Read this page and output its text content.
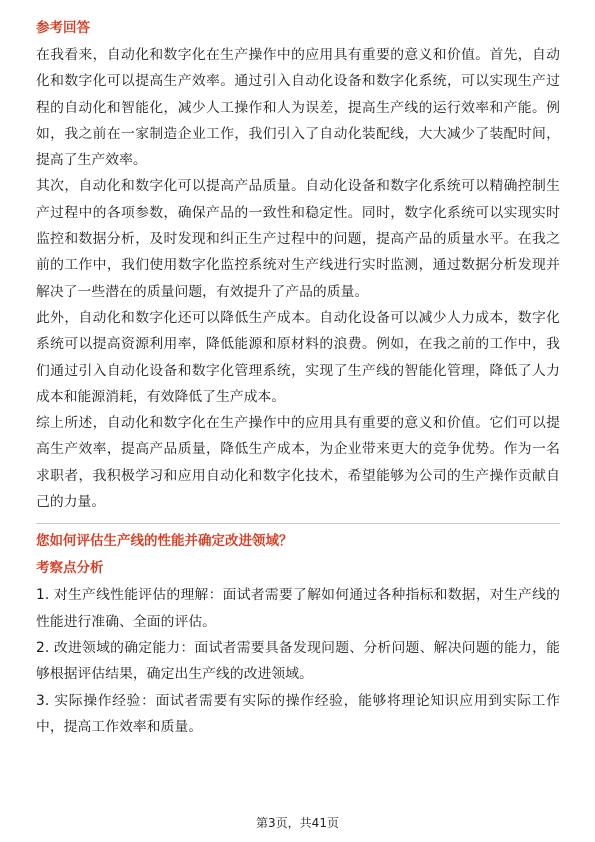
参考回答

在我看来，自动化和数字化在生产操作中的应用具有重要的意义和价值。首先，自动化和数字化可以提高生产效率。通过引入自动化设备和数字化系统，可以实现生产过程的自动化和智能化，减少人工操作和人为误差，提高生产线的运行效率和产能。例如，我之前在一家制造企业工作，我们引入了自动化装配线，大大减少了装配时间，提高了生产效率。

其次，自动化和数字化可以提高产品质量。自动化设备和数字化系统可以精确控制生产过程中的各项参数，确保产品的一致性和稳定性。同时，数字化系统可以实现实时监控和数据分析，及时发现和纠正生产过程中的问题，提高产品的质量水平。在我之前的工作中，我们使用数字化监控系统对生产线进行实时监测，通过数据分析发现并解决了一些潜在的质量问题，有效提升了产品的质量。

此外，自动化和数字化还可以降低生产成本。自动化设备可以减少人力成本，数字化系统可以提高资源利用率，降低能源和原材料的浪费。例如，在我之前的工作中，我们通过引入自动化设备和数字化管理系统，实现了生产线的智能化管理，降低了人力成本和能源消耗，有效降低了生产成本。

综上所述，自动化和数字化在生产操作中的应用具有重要的意义和价值。它们可以提高生产效率，提高产品质量，降低生产成本，为企业带来更大的竞争优势。作为一名求职者，我积极学习和应用自动化和数字化技术，希望能够为公司的生产操作贡献自己的力量。

您如何评估生产线的性能并确定改进领域？
考察点分析

1. 对生产线性能评估的理解：面试者需要了解如何通过各种指标和数据，对生产线的性能进行准确、全面的评估。

2. 改进领域的确定能力：面试者需要具备发现问题、分析问题、解决问题的能力，能够根据评估结果，确定出生产线的改进领域。

3. 实际操作经验：面试者需要有实际的操作经验，能够将理论知识应用到实际工作中，提高工作效率和质量。

第3页，共41页
